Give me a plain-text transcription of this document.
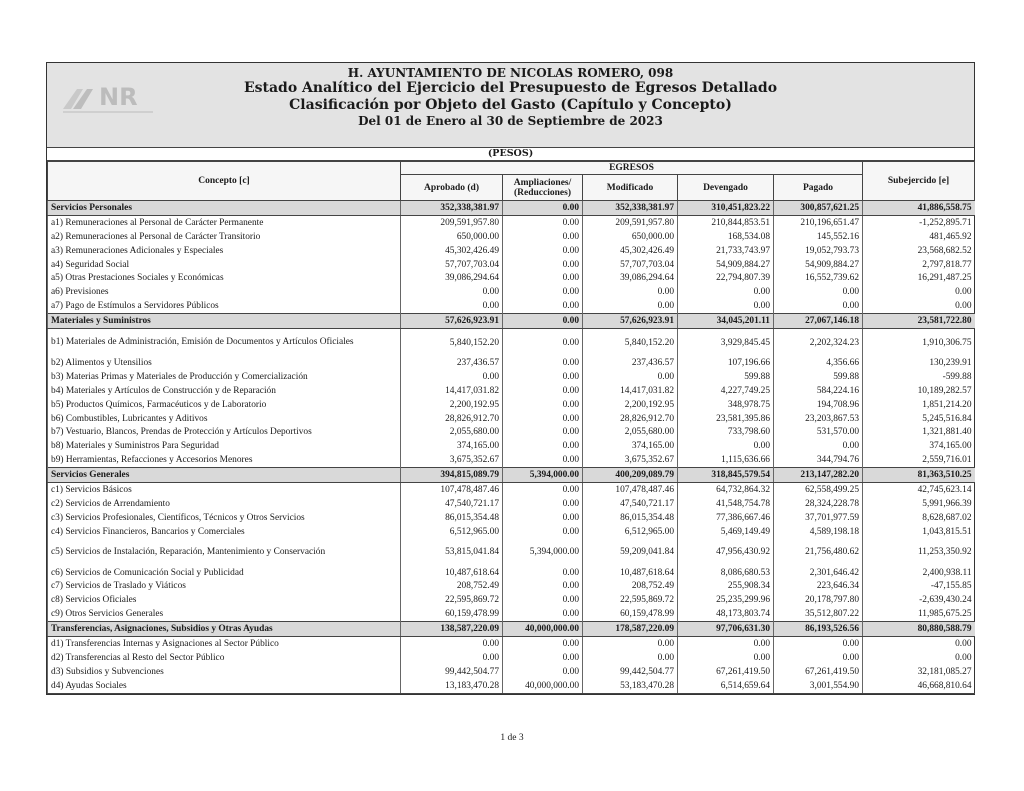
NR
H. AYUNTAMIENTO DE NICOLAS ROMERO, 098
Estado Analítico del Ejercicio del Presupuesto de Egresos Detallado
Clasificación por Objeto del Gasto (Capítulo y Concepto)
Del 01 de Enero al 30 de Septiembre de 2023
(PESOS)
Concepto [c]	EGRESOS					Subejercido [e]
	Aprobado (d)	Ampliaciones/ (Reducciones)	Modificado	Devengado	Pagado	
Servicios Personales	352,338,381.97	0.00	352,338,381.97	310,451,823.22	300,857,621.25	41,886,558.75
a1) Remuneraciones al Personal de Carácter Permanente	209,591,957.80	0.00	209,591,957.80	210,844,853.51	210,196,651.47	-1,252,895.71
a2) Remuneraciones al Personal de Carácter Transitorio	650,000.00	0.00	650,000.00	168,534.08	145,552.16	481,465.92
a3) Remuneraciones Adicionales y Especiales	45,302,426.49	0.00	45,302,426.49	21,733,743.97	19,052,793.73	23,568,682.52
a4) Seguridad Social	57,707,703.04	0.00	57,707,703.04	54,909,884.27	54,909,884.27	2,797,818.77
a5) Otras Prestaciones Sociales y Económicas	39,086,294.64	0.00	39,086,294.64	22,794,807.39	16,552,739.62	16,291,487.25
a6) Previsiones	0.00	0.00	0.00	0.00	0.00	0.00
a7) Pago de Estímulos a Servidores Públicos	0.00	0.00	0.00	0.00	0.00	0.00
Materiales y Suministros	57,626,923.91	0.00	57,626,923.91	34,045,201.11	27,067,146.18	23,581,722.80
b1) Materiales de Administración, Emisión de Documentos y Artículos Oficiales	5,840,152.20	0.00	5,840,152.20	3,929,845.45	2,202,324.23	1,910,306.75
b2) Alimentos y Utensilios	237,436.57	0.00	237,436.57	107,196.66	4,356.66	130,239.91
b3) Materias Primas y Materiales de Producción y Comercialización	0.00	0.00	0.00	599.88	599.88	-599.88
b4) Materiales y Artículos de Construcción y de Reparación	14,417,031.82	0.00	14,417,031.82	4,227,749.25	584,224.16	10,189,282.57
b5) Productos Químicos, Farmacéuticos y de Laboratorio	2,200,192.95	0.00	2,200,192.95	348,978.75	194,708.96	1,851,214.20
b6) Combustibles, Lubricantes y Aditivos	28,826,912.70	0.00	28,826,912.70	23,581,395.86	23,203,867.53	5,245,516.84
b7) Vestuario, Blancos, Prendas de Protección y Artículos Deportivos	2,055,680.00	0.00	2,055,680.00	733,798.60	531,570.00	1,321,881.40
b8) Materiales y Suministros Para Seguridad	374,165.00	0.00	374,165.00	0.00	0.00	374,165.00
b9) Herramientas, Refacciones y Accesorios Menores	3,675,352.67	0.00	3,675,352.67	1,115,636.66	344,794.76	2,559,716.01
Servicios Generales	394,815,089.79	5,394,000.00	400,209,089.79	318,845,579.54	213,147,282.20	81,363,510.25
c1) Servicios Básicos	107,478,487.46	0.00	107,478,487.46	64,732,864.32	62,558,499.25	42,745,623.14
c2) Servicios de Arrendamiento	47,540,721.17	0.00	47,540,721.17	41,548,754.78	28,324,228.78	5,991,966.39
c3) Servicios Profesionales, Científicos, Técnicos y Otros Servicios	86,015,354.48	0.00	86,015,354.48	77,386,667.46	37,701,977.59	8,628,687.02
c4) Servicios Financieros, Bancarios y Comerciales	6,512,965.00	0.00	6,512,965.00	5,469,149.49	4,589,198.18	1,043,815.51
c5) Servicios de Instalación, Reparación, Mantenimiento y Conservación	53,815,041.84	5,394,000.00	59,209,041.84	47,956,430.92	21,756,480.62	11,253,350.92
c6) Servicios de Comunicación Social y Publicidad	10,487,618.64	0.00	10,487,618.64	8,086,680.53	2,301,646.42	2,400,938.11
c7) Servicios de Traslado y Viáticos	208,752.49	0.00	208,752.49	255,908.34	223,646.34	-47,155.85
c8) Servicios Oficiales	22,595,869.72	0.00	22,595,869.72	25,235,299.96	20,178,797.80	-2,639,430.24
c9) Otros Servicios Generales	60,159,478.99	0.00	60,159,478.99	48,173,803.74	35,512,807.22	11,985,675.25
Transferencias, Asignaciones, Subsidios y Otras Ayudas	138,587,220.09	40,000,000.00	178,587,220.09	97,706,631.30	86,193,526.56	80,880,588.79
d1) Transferencias Internas y Asignaciones al Sector Público	0.00	0.00	0.00	0.00	0.00	0.00
d2) Transferencias al Resto del Sector Público	0.00	0.00	0.00	0.00	0.00	0.00
d3) Subsidios y Subvenciones	99,442,504.77	0.00	99,442,504.77	67,261,419.50	67,261,419.50	32,181,085.27
d4) Ayudas Sociales	13,183,470.28	40,000,000.00	53,183,470.28	6,514,659.64	3,001,554.90	46,668,810.64
1 de 3
